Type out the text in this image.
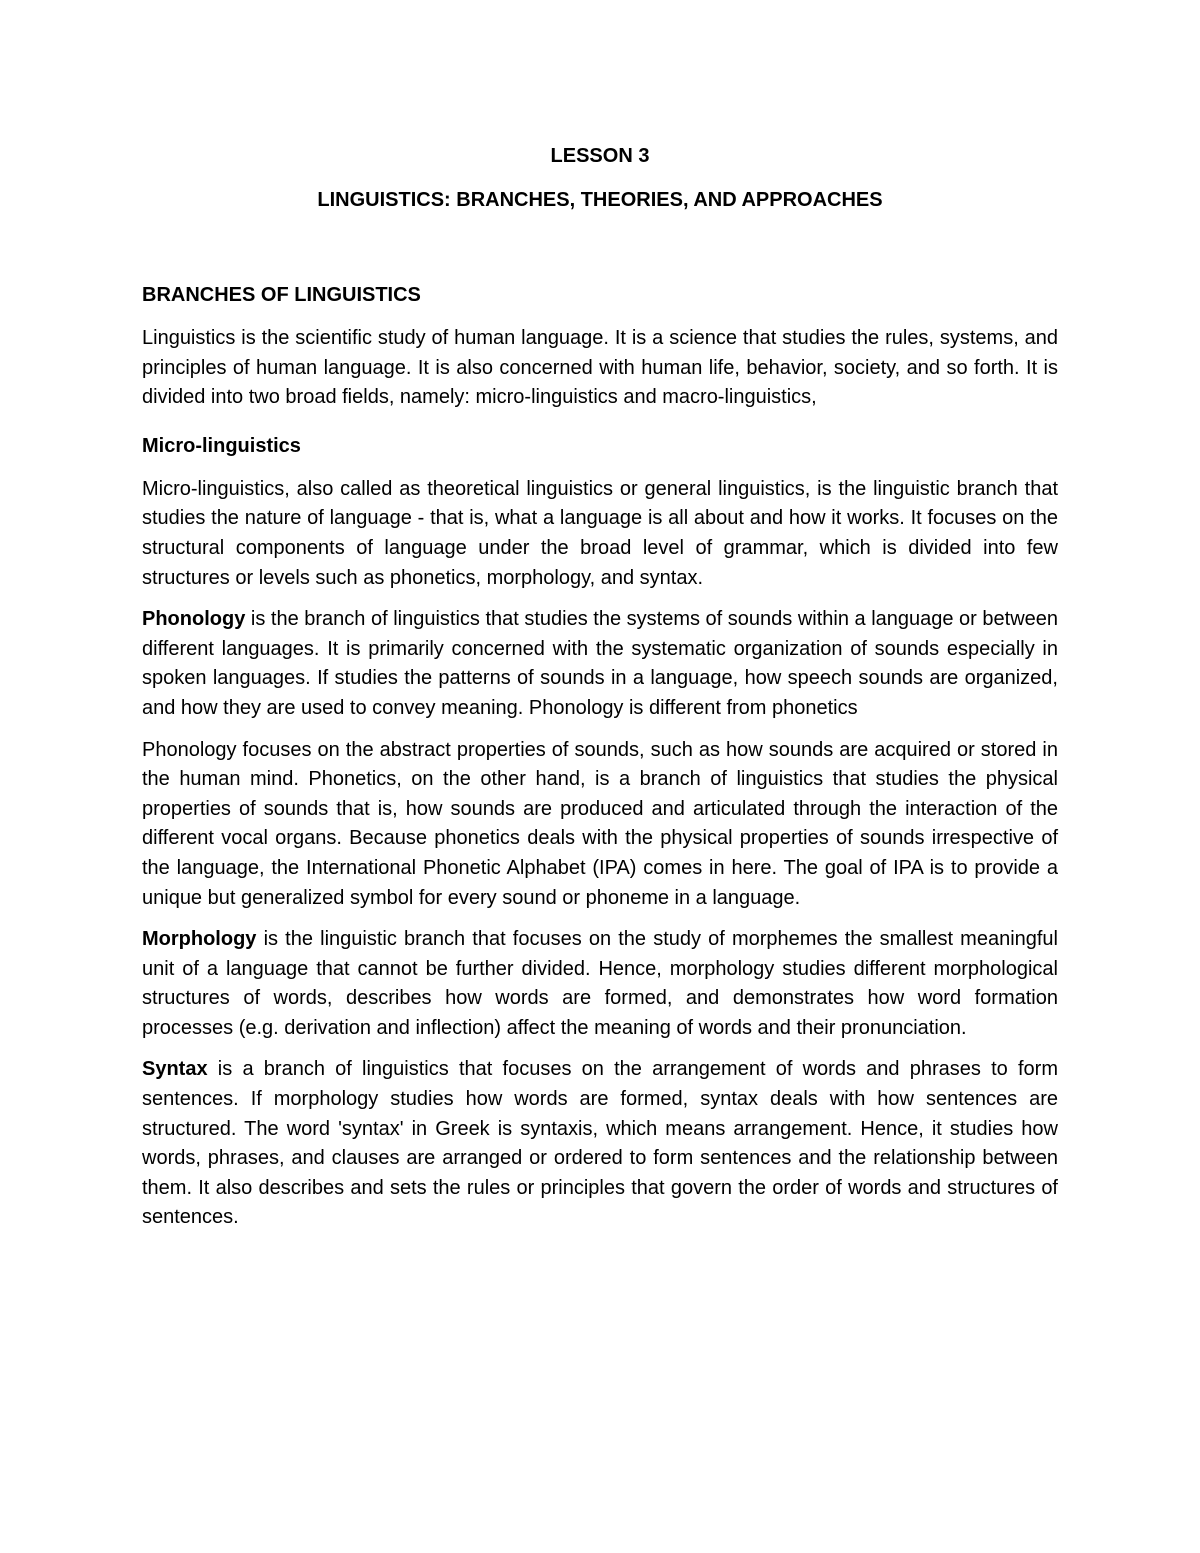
LESSON 3
LINGUISTICS: BRANCHES, THEORIES, AND APPROACHES
BRANCHES OF LINGUISTICS

Linguistics is the scientific study of human language. It is a science that studies the rules, systems, and principles of human language. It is also concerned with human life, behavior, society, and so forth. It is divided into two broad fields, namely: micro-linguistics and macro-linguistics,

Micro-linguistics

Micro-linguistics, also called as theoretical linguistics or general linguistics, is the linguistic branch that studies the nature of language - that is, what a language is all about and how it works. It focuses on the structural components of language under the broad level of grammar, which is divided into few structures or levels such as phonetics, morphology, and syntax.

Phonology is the branch of linguistics that studies the systems of sounds within a language or between different languages. It is primarily concerned with the systematic organization of sounds especially in spoken languages. If studies the patterns of sounds in a language, how speech sounds are organized, and how they are used to convey meaning. Phonology is different from phonetics

Phonology focuses on the abstract properties of sounds, such as how sounds are acquired or stored in the human mind. Phonetics, on the other hand, is a branch of linguistics that studies the physical properties of sounds that is, how sounds are produced and articulated through the interaction of the different vocal organs. Because phonetics deals with the physical properties of sounds irrespective of the language, the International Phonetic Alphabet (IPA) comes in here. The goal of IPA is to provide a unique but generalized symbol for every sound or phoneme in a language.

Morphology is the linguistic branch that focuses on the study of morphemes the smallest meaningful unit of a language that cannot be further divided. Hence, morphology studies different morphological structures of words, describes how words are formed, and demonstrates how word formation processes (e.g. derivation and inflection) affect the meaning of words and their pronunciation.

Syntax is a branch of linguistics that focuses on the arrangement of words and phrases to form sentences. If morphology studies how words are formed, syntax deals with how sentences are structured. The word 'syntax' in Greek is syntaxis, which means arrangement. Hence, it studies how words, phrases, and clauses are arranged or ordered to form sentences and the relationship between them. It also describes and sets the rules or principles that govern the order of words and structures of sentences.
